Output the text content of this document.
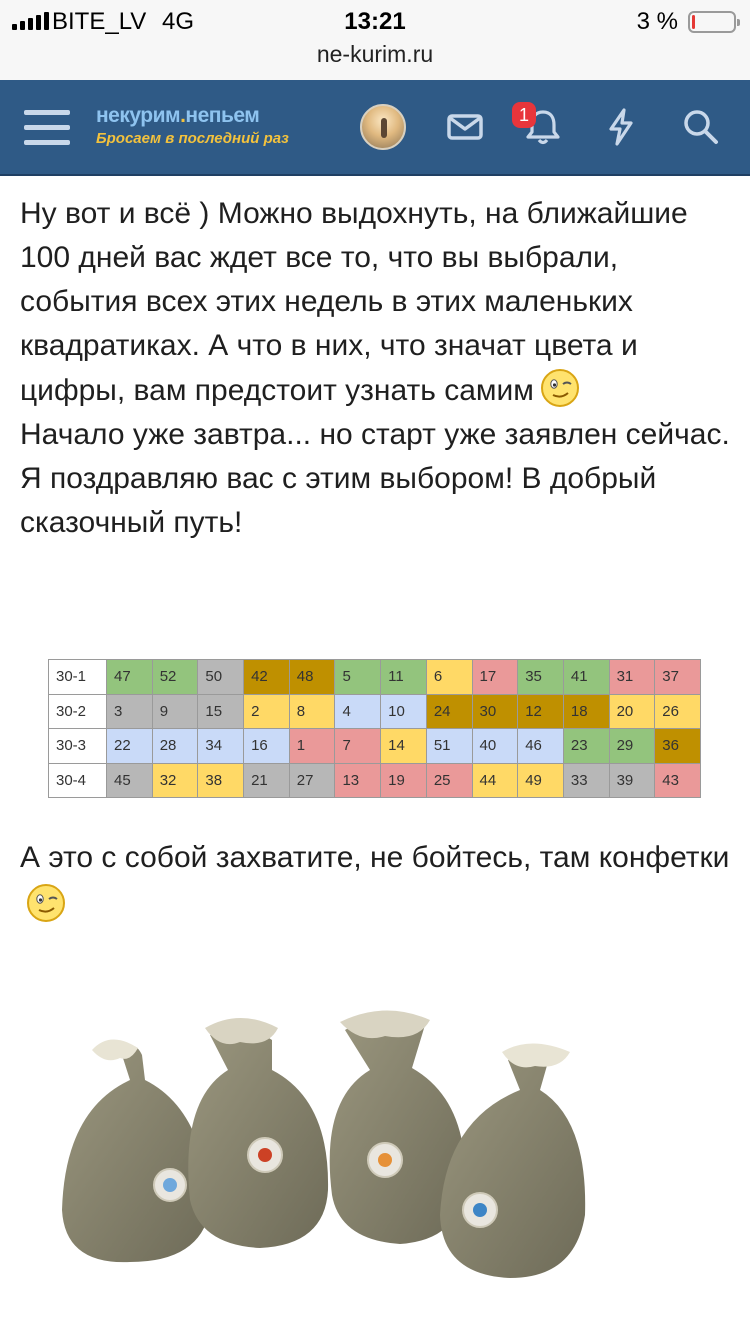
BITE_LV 4G	13:21	3 %
ne-kurim.ru
некурим.непьем
Бросаем в последний раз
1
Ну вот и всё ) Можно выдохнуть, на ближайшие 100 дней вас ждет все то, что вы выбрали, события всех этих недель в этих маленьких квадратиках. А что в них, что значат цвета и цифры, вам предстоит узнать самим
Начало уже завтра... но старт уже заявлен сейчас.
Я поздравляю вас с этим выбором! В добрый сказочный путь!
30-1	47	52	50	42	48	5	11	6	17	35	41	31	37
30-2	3	9	15	2	8	4	10	24	30	12	18	20	26
30-3	22	28	34	16	1	7	14	51	40	46	23	29	36
30-4	45	32	38	21	27	13	19	25	44	49	33	39	43
А это с собой захватите, не бойтесь, там конфетки
